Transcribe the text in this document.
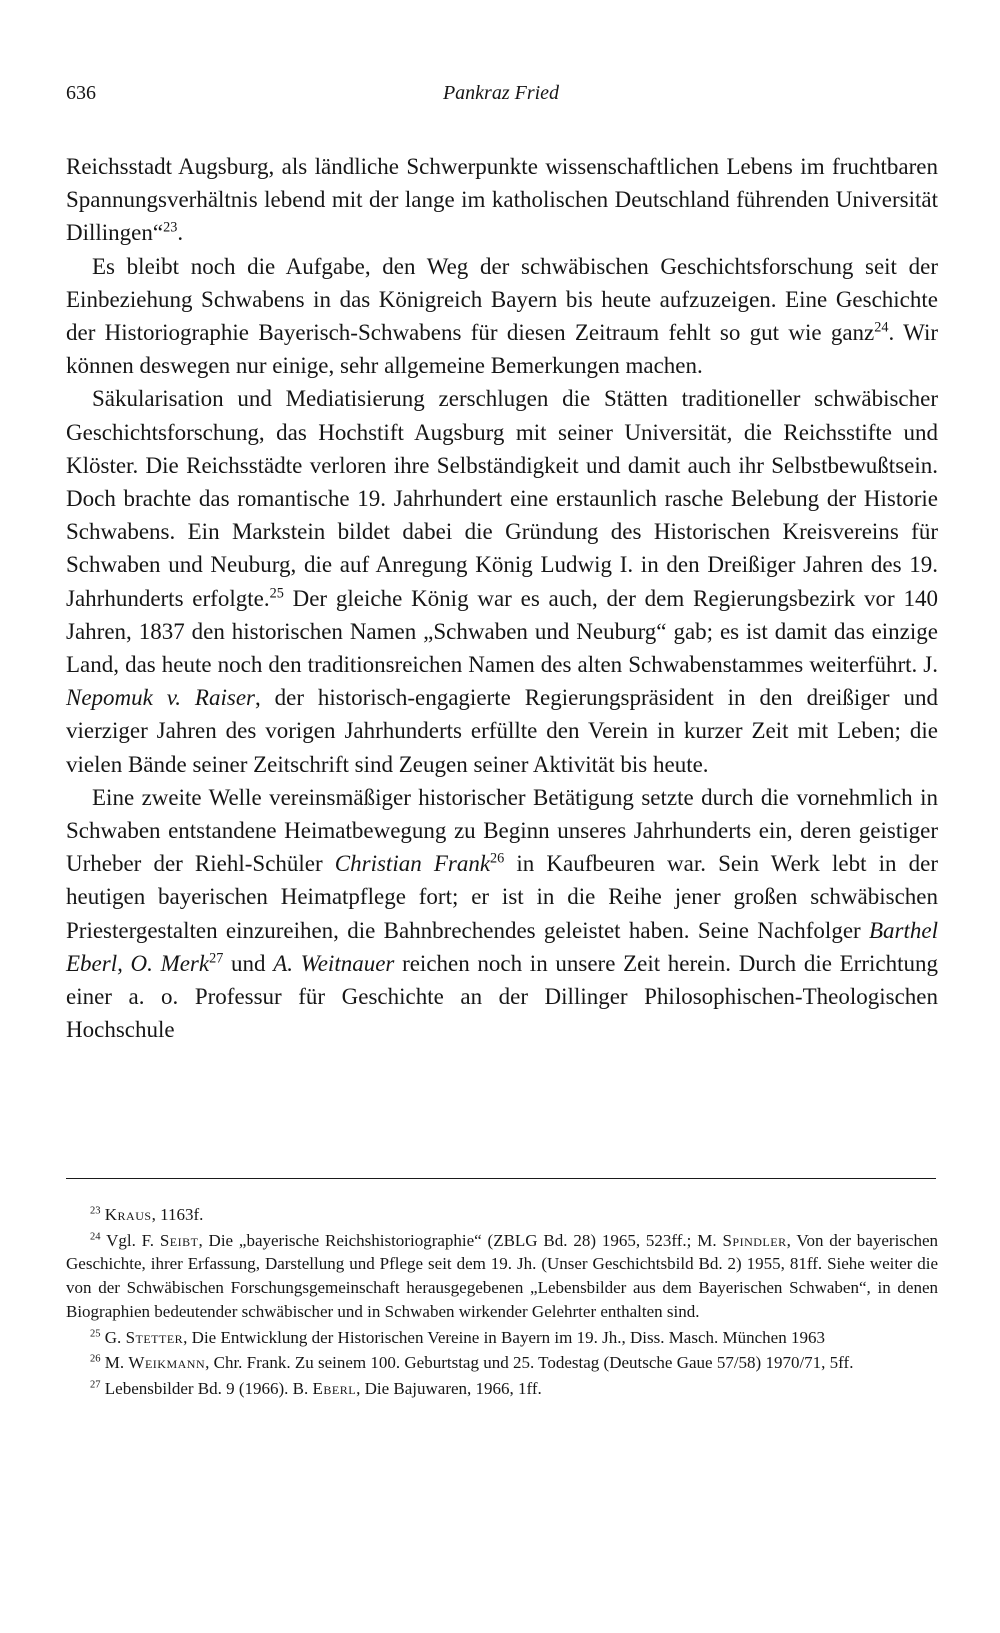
636	Pankraz Fried

Reichsstadt Augsburg, als ländliche Schwerpunkte wissenschaftlichen Lebens im fruchtbaren Spannungsverhältnis lebend mit der lange im katholischen Deutschland führenden Universität Dillingen“$^{23}$.

Es bleibt noch die Aufgabe, den Weg der schwäbischen Geschichtsforschung seit der Einbeziehung Schwabens in das Königreich Bayern bis heute aufzuzeigen. Eine Geschichte der Historiographie Bayerisch-Schwabens für diesen Zeitraum fehlt so gut wie ganz$^{24}$. Wir können deswegen nur einige, sehr allgemeine Bemerkungen machen.

Säkularisation und Mediatisierung zerschlugen die Stätten traditioneller schwäbischer Geschichtsforschung, das Hochstift Augsburg mit seiner Universität, die Reichsstifte und Klöster. Die Reichsstädte verloren ihre Selbständigkeit und damit auch ihr Selbstbewußtsein. Doch brachte das romantische 19. Jahrhundert eine erstaunlich rasche Belebung der Historie Schwabens. Ein Markstein bildet dabei die Gründung des Historischen Kreisvereins für Schwaben und Neuburg, die auf Anregung König Ludwig I. in den Dreißiger Jahren des 19. Jahrhunderts erfolgte.$^{25}$ Der gleiche König war es auch, der dem Regierungsbezirk vor 140 Jahren, 1837 den historischen Namen „Schwaben und Neuburg“ gab; es ist damit das einzige Land, das heute noch den traditionsreichen Namen des alten Schwabenstammes weiterführt. J. Nepomuk v. Raiser, der historisch-engagierte Regierungspräsident in den dreißiger und vierziger Jahren des vorigen Jahrhunderts erfüllte den Verein in kurzer Zeit mit Leben; die vielen Bände seiner Zeitschrift sind Zeugen seiner Aktivität bis heute.

Eine zweite Welle vereinsmäßiger historischer Betätigung setzte durch die vornehmlich in Schwaben entstandene Heimatbewegung zu Beginn unseres Jahrhunderts ein, deren geistiger Urheber der Riehl-Schüler Christian Frank$^{26}$ in Kaufbeuren war. Sein Werk lebt in der heutigen bayerischen Heimatpflege fort; er ist in die Reihe jener großen schwäbischen Priestergestalten einzureihen, die Bahnbrechendes geleistet haben. Seine Nachfolger Barthel Eberl, O. Merk$^{27}$ und A. Weitnauer reichen noch in unsere Zeit herein. Durch die Errichtung einer a. o. Professur für Geschichte an der Dillinger Philosophischen-Theologischen Hochschule

$^{23}$ Kraus, 1163f.

$^{24}$ Vgl. F. Seibt, Die „bayerische Reichshistoriographie“ (ZBLG Bd. 28) 1965, 523ff.; M. Spindler, Von der bayerischen Geschichte, ihrer Erfassung, Darstellung und Pflege seit dem 19. Jh. (Unser Geschichtsbild Bd. 2) 1955, 81ff. Siehe weiter die von der Schwäbischen Forschungsgemeinschaft herausgegebenen „Lebensbilder aus dem Bayerischen Schwaben“, in denen Biographien bedeutender schwäbischer und in Schwaben wirkender Gelehrter enthalten sind.

$^{25}$ G. Stetter, Die Entwicklung der Historischen Vereine in Bayern im 19. Jh., Diss. Masch. München 1963

$^{26}$ M. Weikmann, Chr. Frank. Zu seinem 100. Geburtstag und 25. Todestag (Deutsche Gaue 57/58) 1970/71, 5ff.

$^{27}$ Lebensbilder Bd. 9 (1966). B. Eberl, Die Bajuwaren, 1966, 1ff.
